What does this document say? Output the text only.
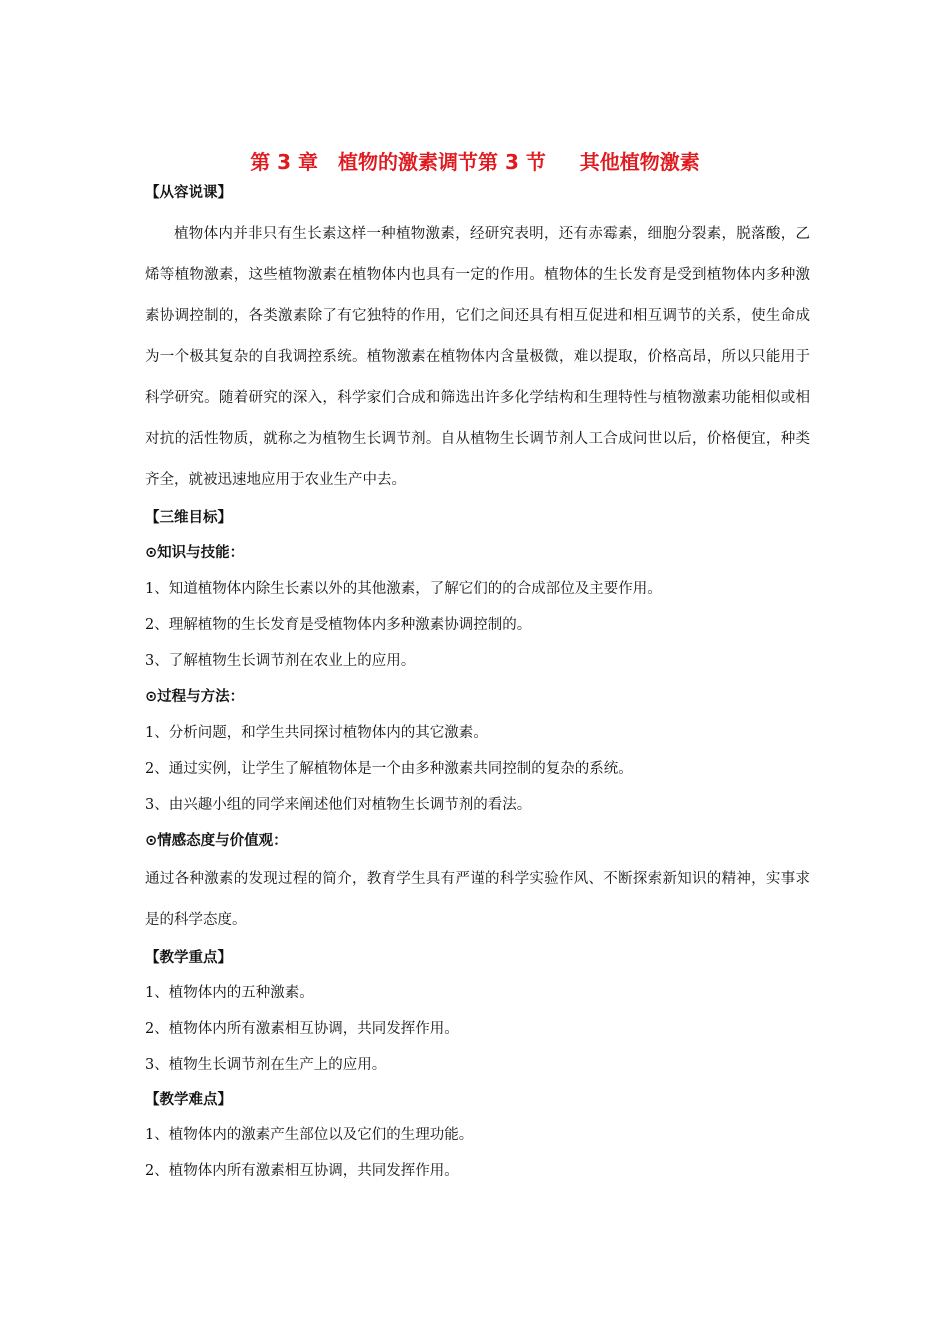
第 3 章　植物的激素调节第 3 节　  其他植物激素
【从容说课】

植物体内并非只有生长素这样一种植物激素，经研究表明，还有赤霉素，细胞分裂素，脱落酸，乙烯等植物激素，这些植物激素在植物体内也具有一定的作用。植物体的生长发育是受到植物体内多种激素协调控制的，各类激素除了有它独特的作用，它们之间还具有相互促进和相互调节的关系，使生命成为一个极其复杂的自我调控系统。植物激素在植物体内含量极微，难以提取，价格高昂，所以只能用于科学研究。随着研究的深入，科学家们合成和筛选出许多化学结构和生理特性与植物激素功能相似或相对抗的活性物质，就称之为植物生长调节剂。自从植物生长调节剂人工合成问世以后，价格便宜，种类齐全，就被迅速地应用于农业生产中去。

【三维目标】
⊙知识与技能：
1、知道植物体内除生长素以外的其他激素，了解它们的的合成部位及主要作用。
2、理解植物的生长发育是受植物体内多种激素协调控制的。
3、了解植物生长调节剂在农业上的应用。
⊙过程与方法：
1、分析问题，和学生共同探讨植物体内的其它激素。
2、通过实例，让学生了解植物体是一个由多种激素共同控制的复杂的系统。
3、由兴趣小组的同学来阐述他们对植物生长调节剂的看法。
⊙情感态度与价值观：

通过各种激素的发现过程的简介，教育学生具有严谨的科学实验作风、不断探索新知识的精神，实事求是的科学态度。

【教学重点】
1、植物体内的五种激素。
2、植物体内所有激素相互协调，共同发挥作用。
3、植物生长调节剂在生产上的应用。
【教学难点】
1、植物体内的激素产生部位以及它们的生理功能。
2、植物体内所有激素相互协调，共同发挥作用。
